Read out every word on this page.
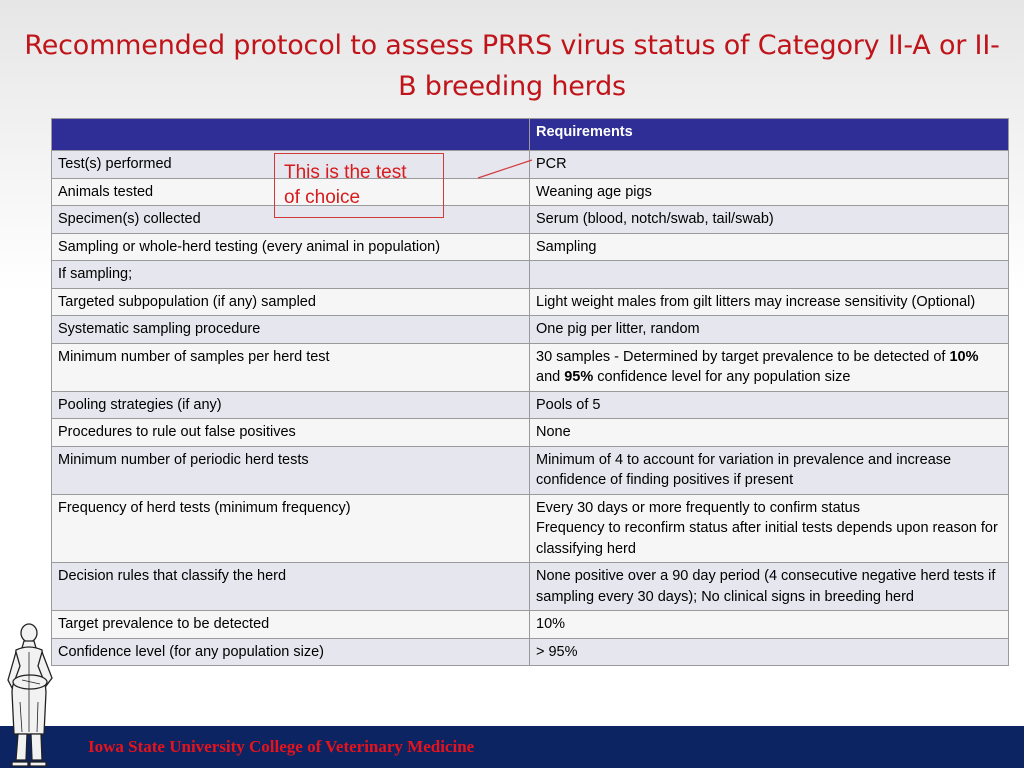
Recommended protocol to assess PRRS virus status of Category II-A or II-B breeding herds
	Requirements
Test(s) performed	PCR
Animals tested	Weaning age pigs
Specimen(s) collected	Serum (blood, notch/swab, tail/swab)
Sampling or whole-herd testing (every animal in population)	Sampling
If sampling;	
Targeted subpopulation (if any) sampled	Light weight males from gilt litters may increase sensitivity (Optional)
Systematic sampling procedure	One pig per litter, random
Minimum number of samples per herd test	30 samples - Determined by target prevalence to be detected of 10% and 95% confidence level for any population size
Pooling strategies (if any)	Pools of 5
Procedures to rule out false positives	None
Minimum number of periodic herd tests	Minimum of 4 to account for variation in prevalence and increase confidence of finding positives if present
Frequency of herd tests (minimum frequency)	Every 30 days or more frequently to confirm status
Frequency to reconfirm status after initial tests depends upon reason for classifying herd

Decision rules that classify the herd	None positive over a 90 day period (4 consecutive negative herd tests if sampling every 30 days); No clinical signs in breeding herd
Target prevalence to be detected	10%
Confidence level (for any population size)	> 95%
This is the test
of choice
Iowa State University College of Veterinary Medicine
